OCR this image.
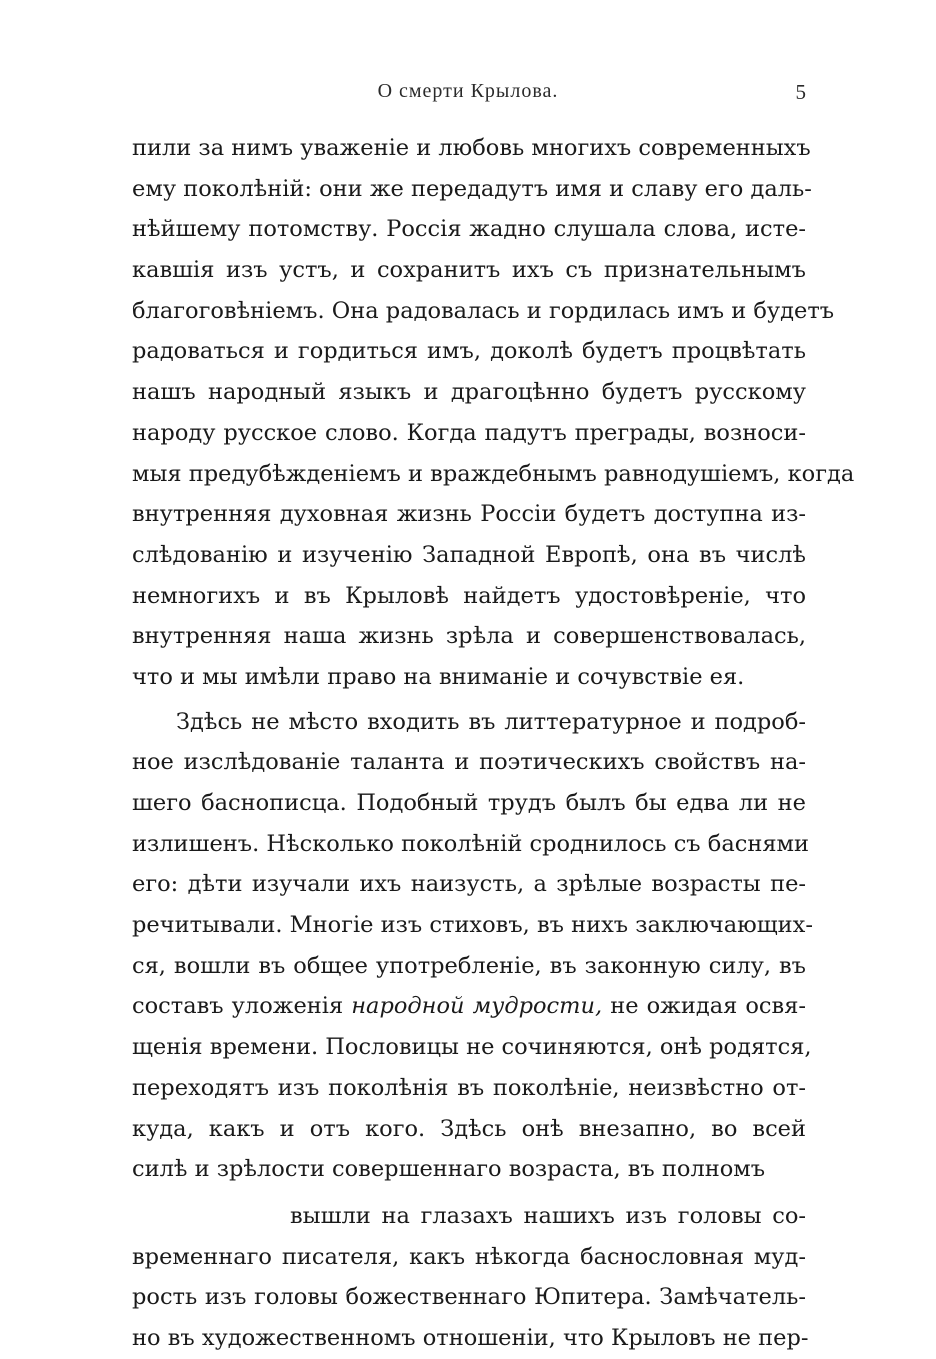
О смерти Крылова.	5
пили за нимъ уваженіе и любовь многихъ современныхъ
ему поколѣній: они же передадутъ имя и славу его даль-
нѣйшему потомству. Россія жадно слушала слова, исте-
кавшія изъ устъ, и сохранитъ ихъ съ признательнымъ
благоговѣніемъ. Она радовалась и гордилась имъ и будетъ
радоваться и гордиться имъ, доколѣ будетъ процвѣтать
нашъ народный языкъ и драгоцѣнно будетъ русскому
народу русское слово. Когда падутъ преграды, возноси-
мыя предубѣжденіемъ и враждебнымъ равнодушіемъ, когда
внутренняя духовная жизнь Россіи будетъ доступна из-
слѣдованію и изученію Западной Европѣ, она въ числѣ
немногихъ и въ Крыловѣ найдетъ удостовѣреніе, что
внутренняя наша жизнь зрѣла и совершенствовалась,
что и мы имѣли право на вниманіе и сочувствіе ея.
Здѣсь не мѣсто входить въ литтературное и подроб-
ное изслѣдованіе таланта и поэтическихъ свойствъ на-
шего баснописца. Подобный трудъ былъ бы едва ли не
излишенъ. Нѣсколько поколѣній сроднилось съ баснями
его: дѣти изучали ихъ наизусть, а зрѣлые возрасты пе-
речитывали. Многіе изъ стиховъ, въ нихъ заключающих-
ся, вошли въ общее употребленіе, въ законную силу, въ
составъ уложенія народной мудрости, не ожидая освя-
щенія времени. Пословицы не сочиняются, онѣ родятся,
переходятъ изъ поколѣнія въ поколѣніе, неизвѣстно от-
куда, какъ и отъ кого. Здѣсь онѣ внезапно, во всей
силѣ и зрѣлости совершеннаго возраста, въ полномъ
вышли на глазахъ нашихъ изъ головы со-
временнаго писателя, какъ нѣкогда баснословная муд-
рость изъ головы божественнаго Юпитера. Замѣчатель-
но въ художественномъ отношеніи, что Крыловъ не пер-
